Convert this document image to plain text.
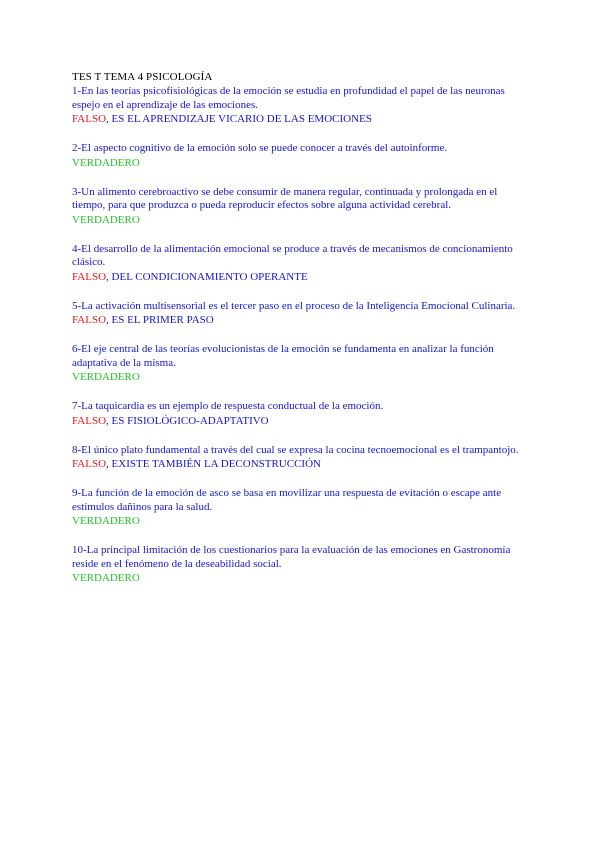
TES T TEMA 4 PSICOLOGÍA
1-En las teorías psicofisiológicas de la emoción se estudia en profundidad el papel de las neuronas espejo en el aprendizaje de las emociones.
FALSO, ES EL APRENDIZAJE VICARIO DE LAS EMOCIONES
2-El aspecto cognitivo de la emoción solo se puede conocer a través del autoinforme.
VERDADERO
3-Un alimento cerebroactivo se debe consumir de manera regular, continuada y prolongada en el tiempo, para que produzca o pueda reproducir efectos sobre alguna actividad cerebral.
VERDADERO
4-El desarrollo de la alimentación emocional se produce a través de mecanismos de concionamiento clásico.
FALSO, DEL CONDICIONAMIENTO OPERANTE
5-La activación multisensorial es el tercer paso en el proceso de la Inteligencia Emocional Culinaria.
FALSO, ES EL PRIMER PASO
6-El eje central de las teorías evolucionistas de la emoción se fundamenta en analizar la función adaptativa de la misma.
VERDADERO
7-La taquicardia es un ejemplo de respuesta conductual de la emoción.
FALSO, ES FISIOLÓGICO-ADAPTATIVO
8-El único plato fundamental a través del cual se expresa la cocina tecnoemocional es el trampantojo.
FALSO, EXISTE TAMBIÉN LA DECONSTRUCCIÓN
9-La función de la emoción de asco se basa en movilizar una respuesta de evitación o escape ante estímulos dañinos para la salud.
VERDADERO
10-La principal limitación de los cuestionarios para la evaluación de las emociones en Gastronomía reside en el fenómeno de la deseabilidad social.
VERDADERO
